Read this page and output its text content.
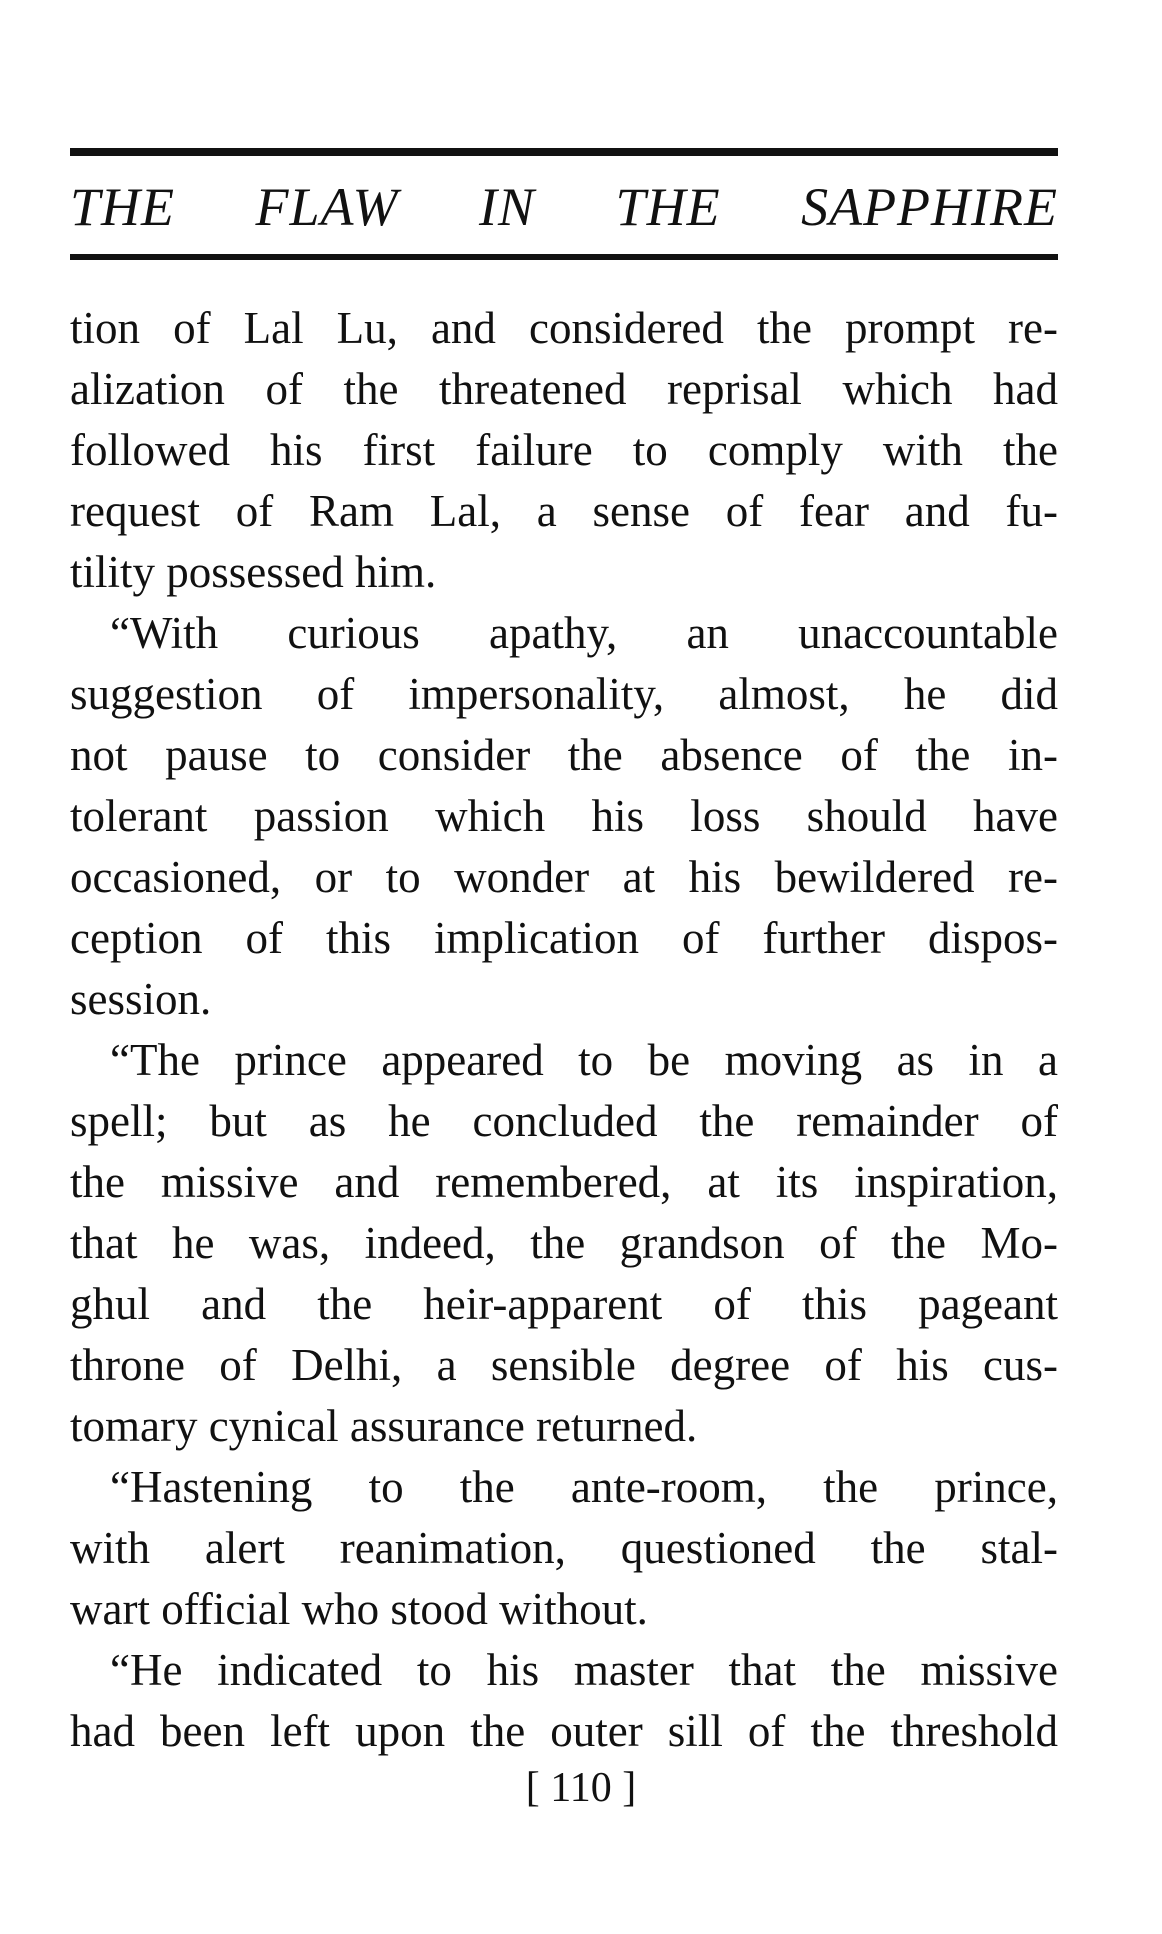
THE FLAW IN THE SAPPHIRE
tion of Lal Lu, and considered the prompt re-
alization of the threatened reprisal which had
followed his first failure to comply with the
request of Ram Lal, a sense of fear and fu-
tility possessed him.
“With curious apathy, an unaccountable
suggestion of impersonality, almost, he did
not pause to consider the absence of the in-
tolerant passion which his loss should have
occasioned, or to wonder at his bewildered re-
ception of this implication of further dispos-
session.
“The prince appeared to be moving as in a
spell; but as he concluded the remainder of
the missive and remembered, at its inspiration,
that he was, indeed, the grandson of the Mo-
ghul and the heir-apparent of this pageant
throne of Delhi, a sensible degree of his cus-
tomary cynical assurance returned.
“Hastening to the ante-room, the prince,
with alert reanimation, questioned the stal-
wart official who stood without.
“He indicated to his master that the missive
had been left upon the outer sill of the threshold
[ 110 ]
